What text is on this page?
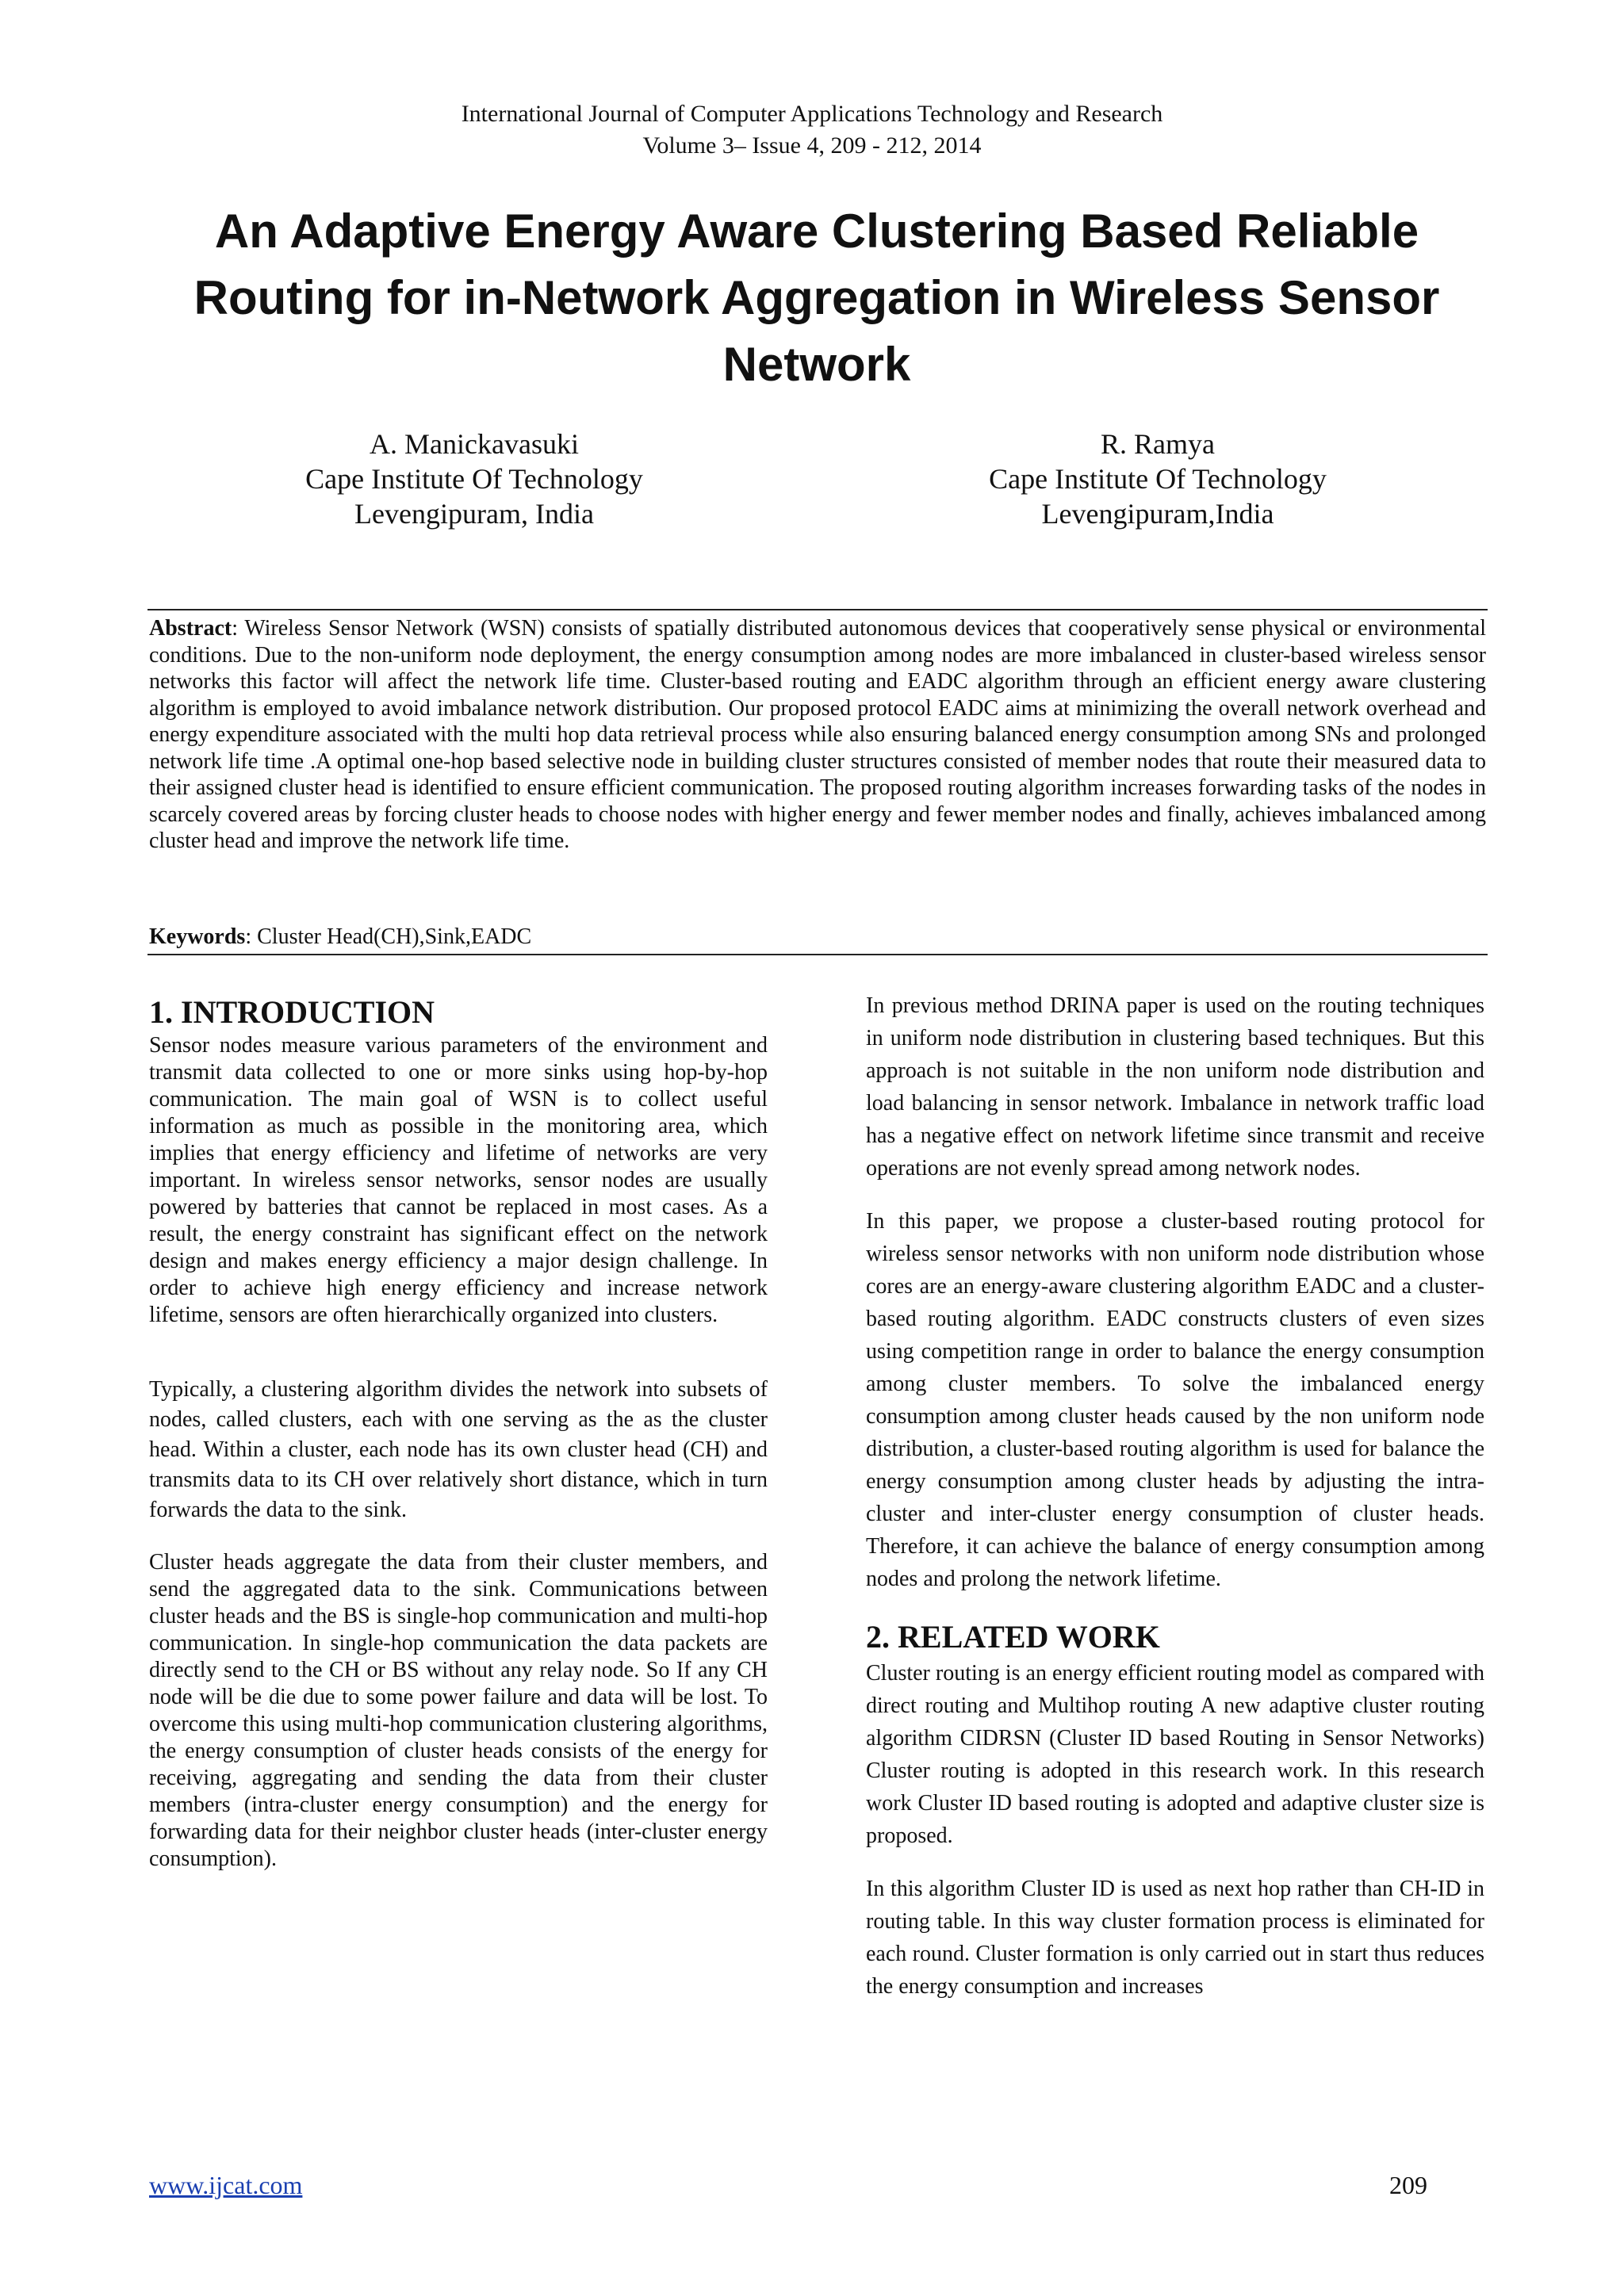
International Journal of Computer Applications Technology and Research
Volume 3– Issue 4, 209 - 212, 2014
An Adaptive Energy Aware Clustering Based Reliable Routing for in-Network Aggregation in Wireless Sensor Network
A. Manickavasuki
Cape Institute Of Technology
Levengipuram, India
R. Ramya
Cape Institute Of Technology
Levengipuram,India
Abstract: Wireless Sensor Network (WSN) consists of spatially distributed autonomous devices that cooperatively sense physical or environmental conditions. Due to the non-uniform node deployment, the energy consumption among nodes are more imbalanced in cluster-based wireless sensor networks this factor will affect the network life time. Cluster-based routing and EADC algorithm through an efficient energy aware clustering algorithm is employed to avoid imbalance network distribution. Our proposed protocol EADC aims at minimizing the overall network overhead and energy expenditure associated with the multi hop data retrieval process while also ensuring balanced energy consumption among SNs and prolonged network life time .A optimal one-hop based selective node in building cluster structures consisted of member nodes that route their measured data to their assigned cluster head is identified to ensure efficient communication. The proposed routing algorithm increases forwarding tasks of the nodes in scarcely covered areas by forcing cluster heads to choose nodes with higher energy and fewer member nodes and finally, achieves imbalanced among cluster head and improve the network life time.
Keywords: Cluster Head(CH),Sink,EADC
1. INTRODUCTION

Sensor nodes measure various parameters of the environment and transmit data collected to one or more sinks using hop-by-hop communication. The main goal of WSN is to collect useful information as much as possible in the monitoring area, which implies that energy efficiency and lifetime of networks are very important. In wireless sensor networks, sensor nodes are usually powered by batteries that cannot be replaced in most cases. As a result, the energy constraint has significant effect on the network design and makes energy efficiency a major design challenge. In order to achieve high energy efficiency and increase network lifetime, sensors are often hierarchically organized into clusters.

Typically, a clustering algorithm divides the network into subsets of nodes, called clusters, each with one serving as the as the cluster head. Within a cluster, each node has its own cluster head (CH) and transmits data to its CH over relatively short distance, which in turn forwards the data to the sink.

Cluster heads aggregate the data from their cluster members, and send the aggregated data to the sink. Communications between cluster heads and the BS is single-hop communication and multi-hop communication. In single-hop communication the data packets are directly send to the CH or BS without any relay node. So If any CH node will be die due to some power failure and data will be lost. To overcome this using multi-hop communication clustering algorithms, the energy consumption of cluster heads consists of the energy for receiving, aggregating and sending the data from their cluster members (intra-cluster energy consumption) and the energy for forwarding data for their neighbor cluster heads (inter-cluster energy consumption).

In previous method DRINA paper is used on the routing techniques in uniform node distribution in clustering based techniques. But this approach is not suitable in the non uniform node distribution and load balancing in sensor network. Imbalance in network traffic load has a negative effect on network lifetime since transmit and receive operations are not evenly spread among network nodes.

In this paper, we propose a cluster-based routing protocol for wireless sensor networks with non uniform node distribution whose cores are an energy-aware clustering algorithm EADC and a cluster-based routing algorithm. EADC constructs clusters of even sizes using competition range in order to balance the energy consumption among cluster members. To solve the imbalanced energy consumption among cluster heads caused by the non uniform node distribution, a cluster-based routing algorithm is used for balance the energy consumption among cluster heads by adjusting the intra-cluster and inter-cluster energy consumption of cluster heads. Therefore, it can achieve the balance of energy consumption among nodes and prolong the network lifetime.

2. RELATED WORK

Cluster routing is an energy efficient routing model as compared with direct routing and Multihop routing A new adaptive cluster routing algorithm CIDRSN (Cluster ID based Routing in Sensor Networks) Cluster routing is adopted in this research work. In this research work Cluster ID based routing is adopted and adaptive cluster size is proposed.

In this algorithm Cluster ID is used as next hop rather than CH-ID in routing table. In this way cluster formation process is eliminated for each round. Cluster formation is only carried out in start thus reduces the energy consumption and increases

www.ijcat.com	209
